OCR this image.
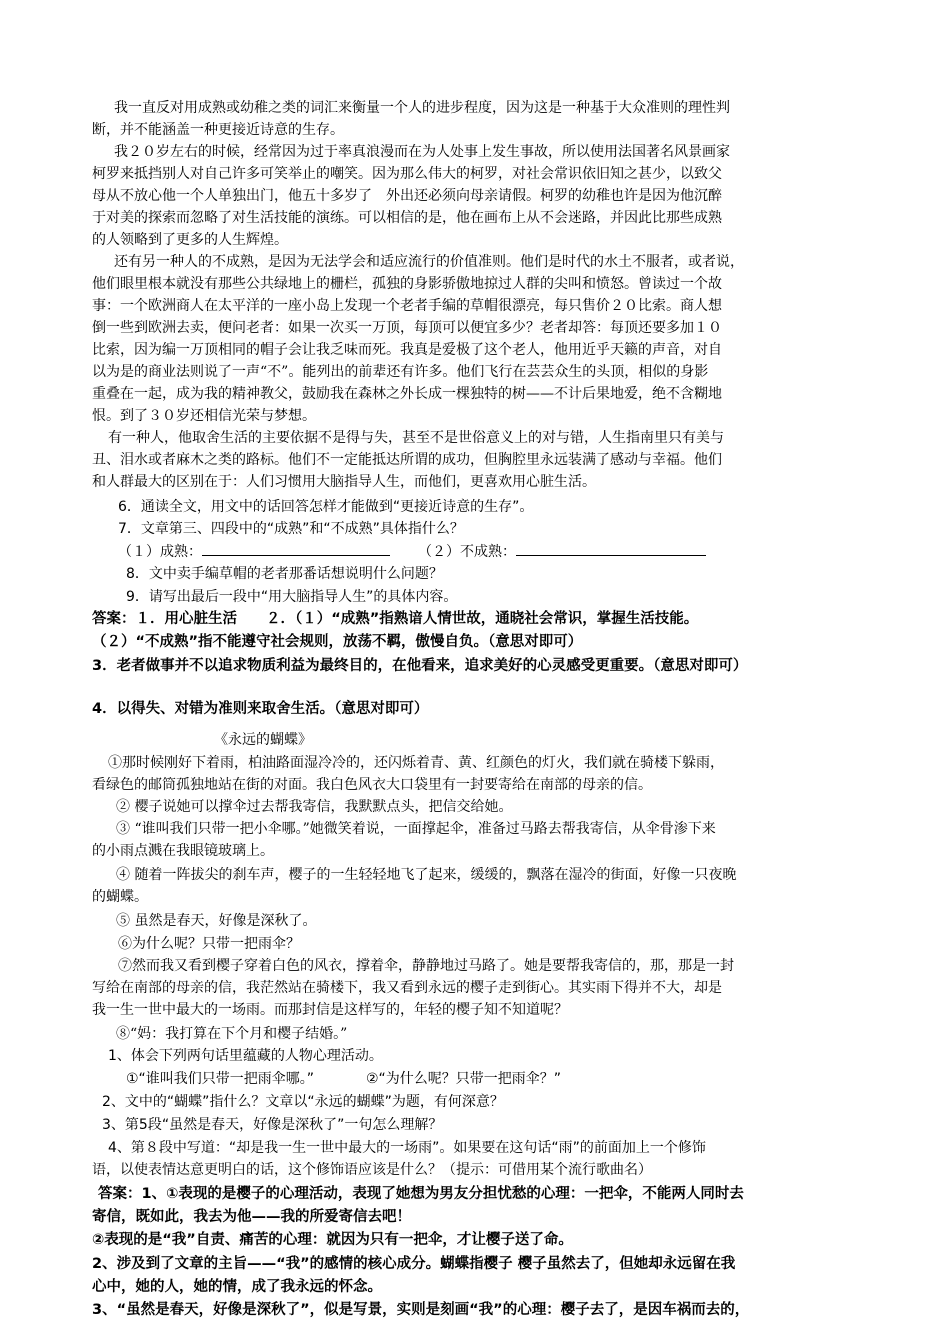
我一直反对用成熟或幼稚之类的词汇来衡量一个人的进步程度，因为这是一种基于大众准则的理性判
断，并不能涵盖一种更接近诗意的生存。
我２０岁左右的时候，经常因为过于率真浪漫而在为人处事上发生事故，所以使用法国著名风景画家
柯罗来抵挡别人对自己许多可笑举止的嘲笑。因为那么伟大的柯罗，对社会常识依旧知之甚少，以致父
母从不放心他一个人单独出门，他五十多岁了　外出还必须向母亲请假。柯罗的幼稚也许是因为他沉醉
于对美的探索而忽略了对生活技能的演练。可以相信的是，他在画布上从不会迷路，并因此比那些成熟
的人领略到了更多的人生辉煌。
还有另一种人的不成熟，是因为无法学会和适应流行的价值准则。他们是时代的水土不服者，或者说，
他们眼里根本就没有那些公共绿地上的栅栏，孤独的身影骄傲地掠过人群的尖叫和愤怒。曾读过一个故
事：一个欧洲商人在太平洋的一座小岛上发现一个老者手编的草帽很漂亮，每只售价２０比索。商人想
倒一些到欧洲去卖，便问老者：如果一次买一万顶，每顶可以便宜多少？老者却答：每顶还要多加１０
比索，因为编一万顶相同的帽子会让我乏味而死。我真是爱极了这个老人，他用近乎天籁的声音，对自
以为是的商业法则说了一声“不”。能列出的前辈还有许多。他们飞行在芸芸众生的头顶，相似的身影
重叠在一起，成为我的精神教父，鼓励我在森林之外长成一棵独特的树——不计后果地爱，绝不含糊地
恨。到了３０岁还相信光荣与梦想。
有一种人，他取舍生活的主要依据不是得与失，甚至不是世俗意义上的对与错，人生指南里只有美与
丑、泪水或者麻木之类的路标。他们不一定能抵达所谓的成功，但胸腔里永远装满了感动与幸福。他们
和人群最大的区别在于：人们习惯用大脑指导人生，而他们，更喜欢用心脏生活。
6．通读全文，用文中的话回答怎样才能做到“更接近诗意的生存”。
7．文章第三、四段中的“成熟”和“不成熟”具体指什么？
（１）成熟：	（２）不成熟：
8．文中卖手编草帽的老者那番话想说明什么问题？
9．请写出最后一段中“用大脑指导人生”的具体内容。
答案：１．用心脏生活　　２．（１）“成熟”指熟谙人情世故，通晓社会常识，掌握生活技能。
（２）“不成熟”指不能遵守社会规则，放荡不羁，傲慢自负。（意思对即可）
3．老者做事并不以追求物质利益为最终目的，在他看来，追求美好的心灵感受更重要。（意思对即可）
4．以得失、对错为准则来取舍生活。（意思对即可）
《永远的蝴蝶》
①那时候刚好下着雨，柏油路面湿冷冷的，还闪烁着青、黄、红颜色的灯火，我们就在骑楼下躲雨，
看绿色的邮筒孤独地站在街的对面。我白色风衣大口袋里有一封要寄给在南部的母亲的信。
② 樱子说她可以撑伞过去帮我寄信，我默默点头，把信交给她。
③ “谁叫我们只带一把小伞哪。”她微笑着说，一面撑起伞，准备过马路去帮我寄信，从伞骨渗下来
的小雨点溅在我眼镜玻璃上。
④ 随着一阵拔尖的刹车声，樱子的一生轻轻地飞了起来，缓缓的，飘落在湿冷的街面，好像一只夜晚
的蝴蝶。
⑤ 虽然是春天，好像是深秋了。
⑥为什么呢？只带一把雨伞？
⑦然而我又看到樱子穿着白色的风衣，撑着伞，静静地过马路了。她是要帮我寄信的，那，那是一封
写给在南部的母亲的信，我茫然站在骑楼下，我又看到永远的樱子走到街心。其实雨下得并不大，却是
我一生一世中最大的一场雨。而那封信是这样写的，年轻的樱子知不知道呢？
⑧“妈：我打算在下个月和樱子结婚。”
1、体会下列两句话里蕴藏的人物心理活动。
①“谁叫我们只带一把雨伞哪。”	②“为什么呢？只带一把雨伞？”
2、文中的“蝴蝶”指什么？文章以“永远的蝴蝶”为题，有何深意？
3、第5段“虽然是春天，好像是深秋了”一句怎么理解？
4、第８段中写道：“却是我一生一世中最大的一场雨”。如果要在这句话“雨”的前面加上一个修饰
语，以使表情达意更明白的话，这个修饰语应该是什么？（提示：可借用某个流行歌曲名）
答案：1、①表现的是樱子的心理活动，表现了她想为男友分担忧愁的心理：一把伞，不能两人同时去
寄信，既如此，我去为他——我的所爱寄信去吧！
②表现的是“我”自责、痛苦的心理：就因为只有一把伞，才让樱子送了命。
2、涉及到了文章的主旨——“我”的感情的核心成分。蝴蝶指樱子 樱子虽然去了，但她却永远留在我
心中，她的人，她的情，成了我永远的怀念。
3、“虽然是春天，好像是深秋了”，似是写景，实则是刻画“我”的心理：樱子去了，是因车祸而去的，
